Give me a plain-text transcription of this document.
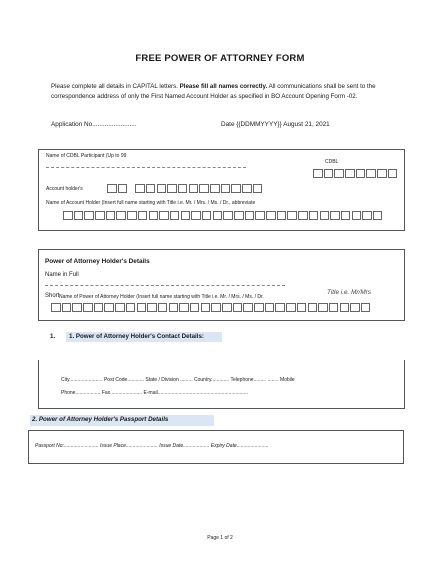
FREE POWER OF ATTORNEY FORM
Please complete all details in CAPITAL letters. Please fill all names correctly. All communications shall be sent to the correspondence address of only the First Named Account Holder as specified in BO Account Opening Form -02.
Application No.........................	Date {{DDMMYYYY}} August 21, 2021
Name of CDBL Participant (Up to 99
CDBL
Account holder's
Name of Account Holder (Insert full name starting with Title i.e. Mr. / Mrs. / Ms. / Dr., abbreviate
Power of Attorney Holder's Details
Name in Full
Title i.e. Mr/Mrs
Short Name of Power of Attorney Holder (Insert full name starting with Title i.e. Mr. / Mrs. / Ms. / Dr.
1. 1. Power of Attorney Holder's Contact Details:
City........................ Post Code............ State / Division ......... Country............. Telephone......... ........ Mobile
Phone.................. Fax....................... E-mail.................................................................
2. Power of Attorney Holder's Passport Details
Passport No:......................... Issue Place....................... Issue Date................... Expiry Date.......................
Page 1 of 2
